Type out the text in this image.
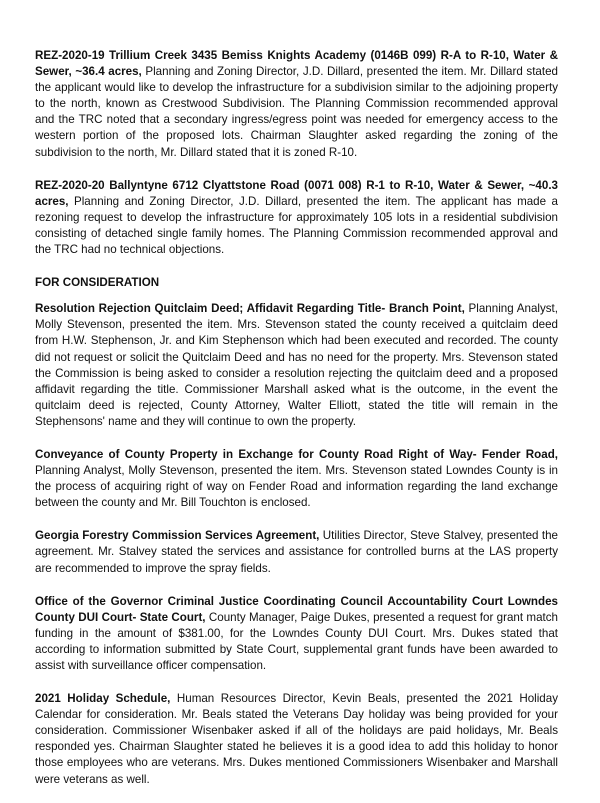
REZ-2020-19 Trillium Creek 3435 Bemiss Knights Academy (0146B 099) R-A to R-10, Water & Sewer, ~36.4 acres, Planning and Zoning Director, J.D. Dillard, presented the item. Mr. Dillard stated the applicant would like to develop the infrastructure for a subdivision similar to the adjoining property to the north, known as Crestwood Subdivision. The Planning Commission recommended approval and the TRC noted that a secondary ingress/egress point was needed for emergency access to the western portion of the proposed lots. Chairman Slaughter asked regarding the zoning of the subdivision to the north, Mr. Dillard stated that it is zoned R-10.

REZ-2020-20 Ballyntyne 6712 Clyattstone Road (0071 008) R-1 to R-10, Water & Sewer, ~40.3 acres, Planning and Zoning Director, J.D. Dillard, presented the item. The applicant has made a rezoning request to develop the infrastructure for approximately 105 lots in a residential subdivision consisting of detached single family homes. The Planning Commission recommended approval and the TRC had no technical objections.

FOR CONSIDERATION

Resolution Rejection Quitclaim Deed; Affidavit Regarding Title- Branch Point, Planning Analyst, Molly Stevenson, presented the item. Mrs. Stevenson stated the county received a quitclaim deed from H.W. Stephenson, Jr. and Kim Stephenson which had been executed and recorded. The county did not request or solicit the Quitclaim Deed and has no need for the property. Mrs. Stevenson stated the Commission is being asked to consider a resolution rejecting the quitclaim deed and a proposed affidavit regarding the title. Commissioner Marshall asked what is the outcome, in the event the quitclaim deed is rejected, County Attorney, Walter Elliott, stated the title will remain in the Stephensons' name and they will continue to own the property.

Conveyance of County Property in Exchange for County Road Right of Way- Fender Road, Planning Analyst, Molly Stevenson, presented the item. Mrs. Stevenson stated Lowndes County is in the process of acquiring right of way on Fender Road and information regarding the land exchange between the county and Mr. Bill Touchton is enclosed.

Georgia Forestry Commission Services Agreement, Utilities Director, Steve Stalvey, presented the agreement. Mr. Stalvey stated the services and assistance for controlled burns at the LAS property are recommended to improve the spray fields.

Office of the Governor Criminal Justice Coordinating Council Accountability Court Lowndes County DUI Court- State Court, County Manager, Paige Dukes, presented a request for grant match funding in the amount of $381.00, for the Lowndes County DUI Court. Mrs. Dukes stated that according to information submitted by State Court, supplemental grant funds have been awarded to assist with surveillance officer compensation.

2021 Holiday Schedule, Human Resources Director, Kevin Beals, presented the 2021 Holiday Calendar for consideration. Mr. Beals stated the Veterans Day holiday was being provided for your consideration. Commissioner Wisenbaker asked if all of the holidays are paid holidays, Mr. Beals responded yes. Chairman Slaughter stated he believes it is a good idea to add this holiday to honor those employees who are veterans. Mrs. Dukes mentioned Commissioners Wisenbaker and Marshall were veterans as well.
